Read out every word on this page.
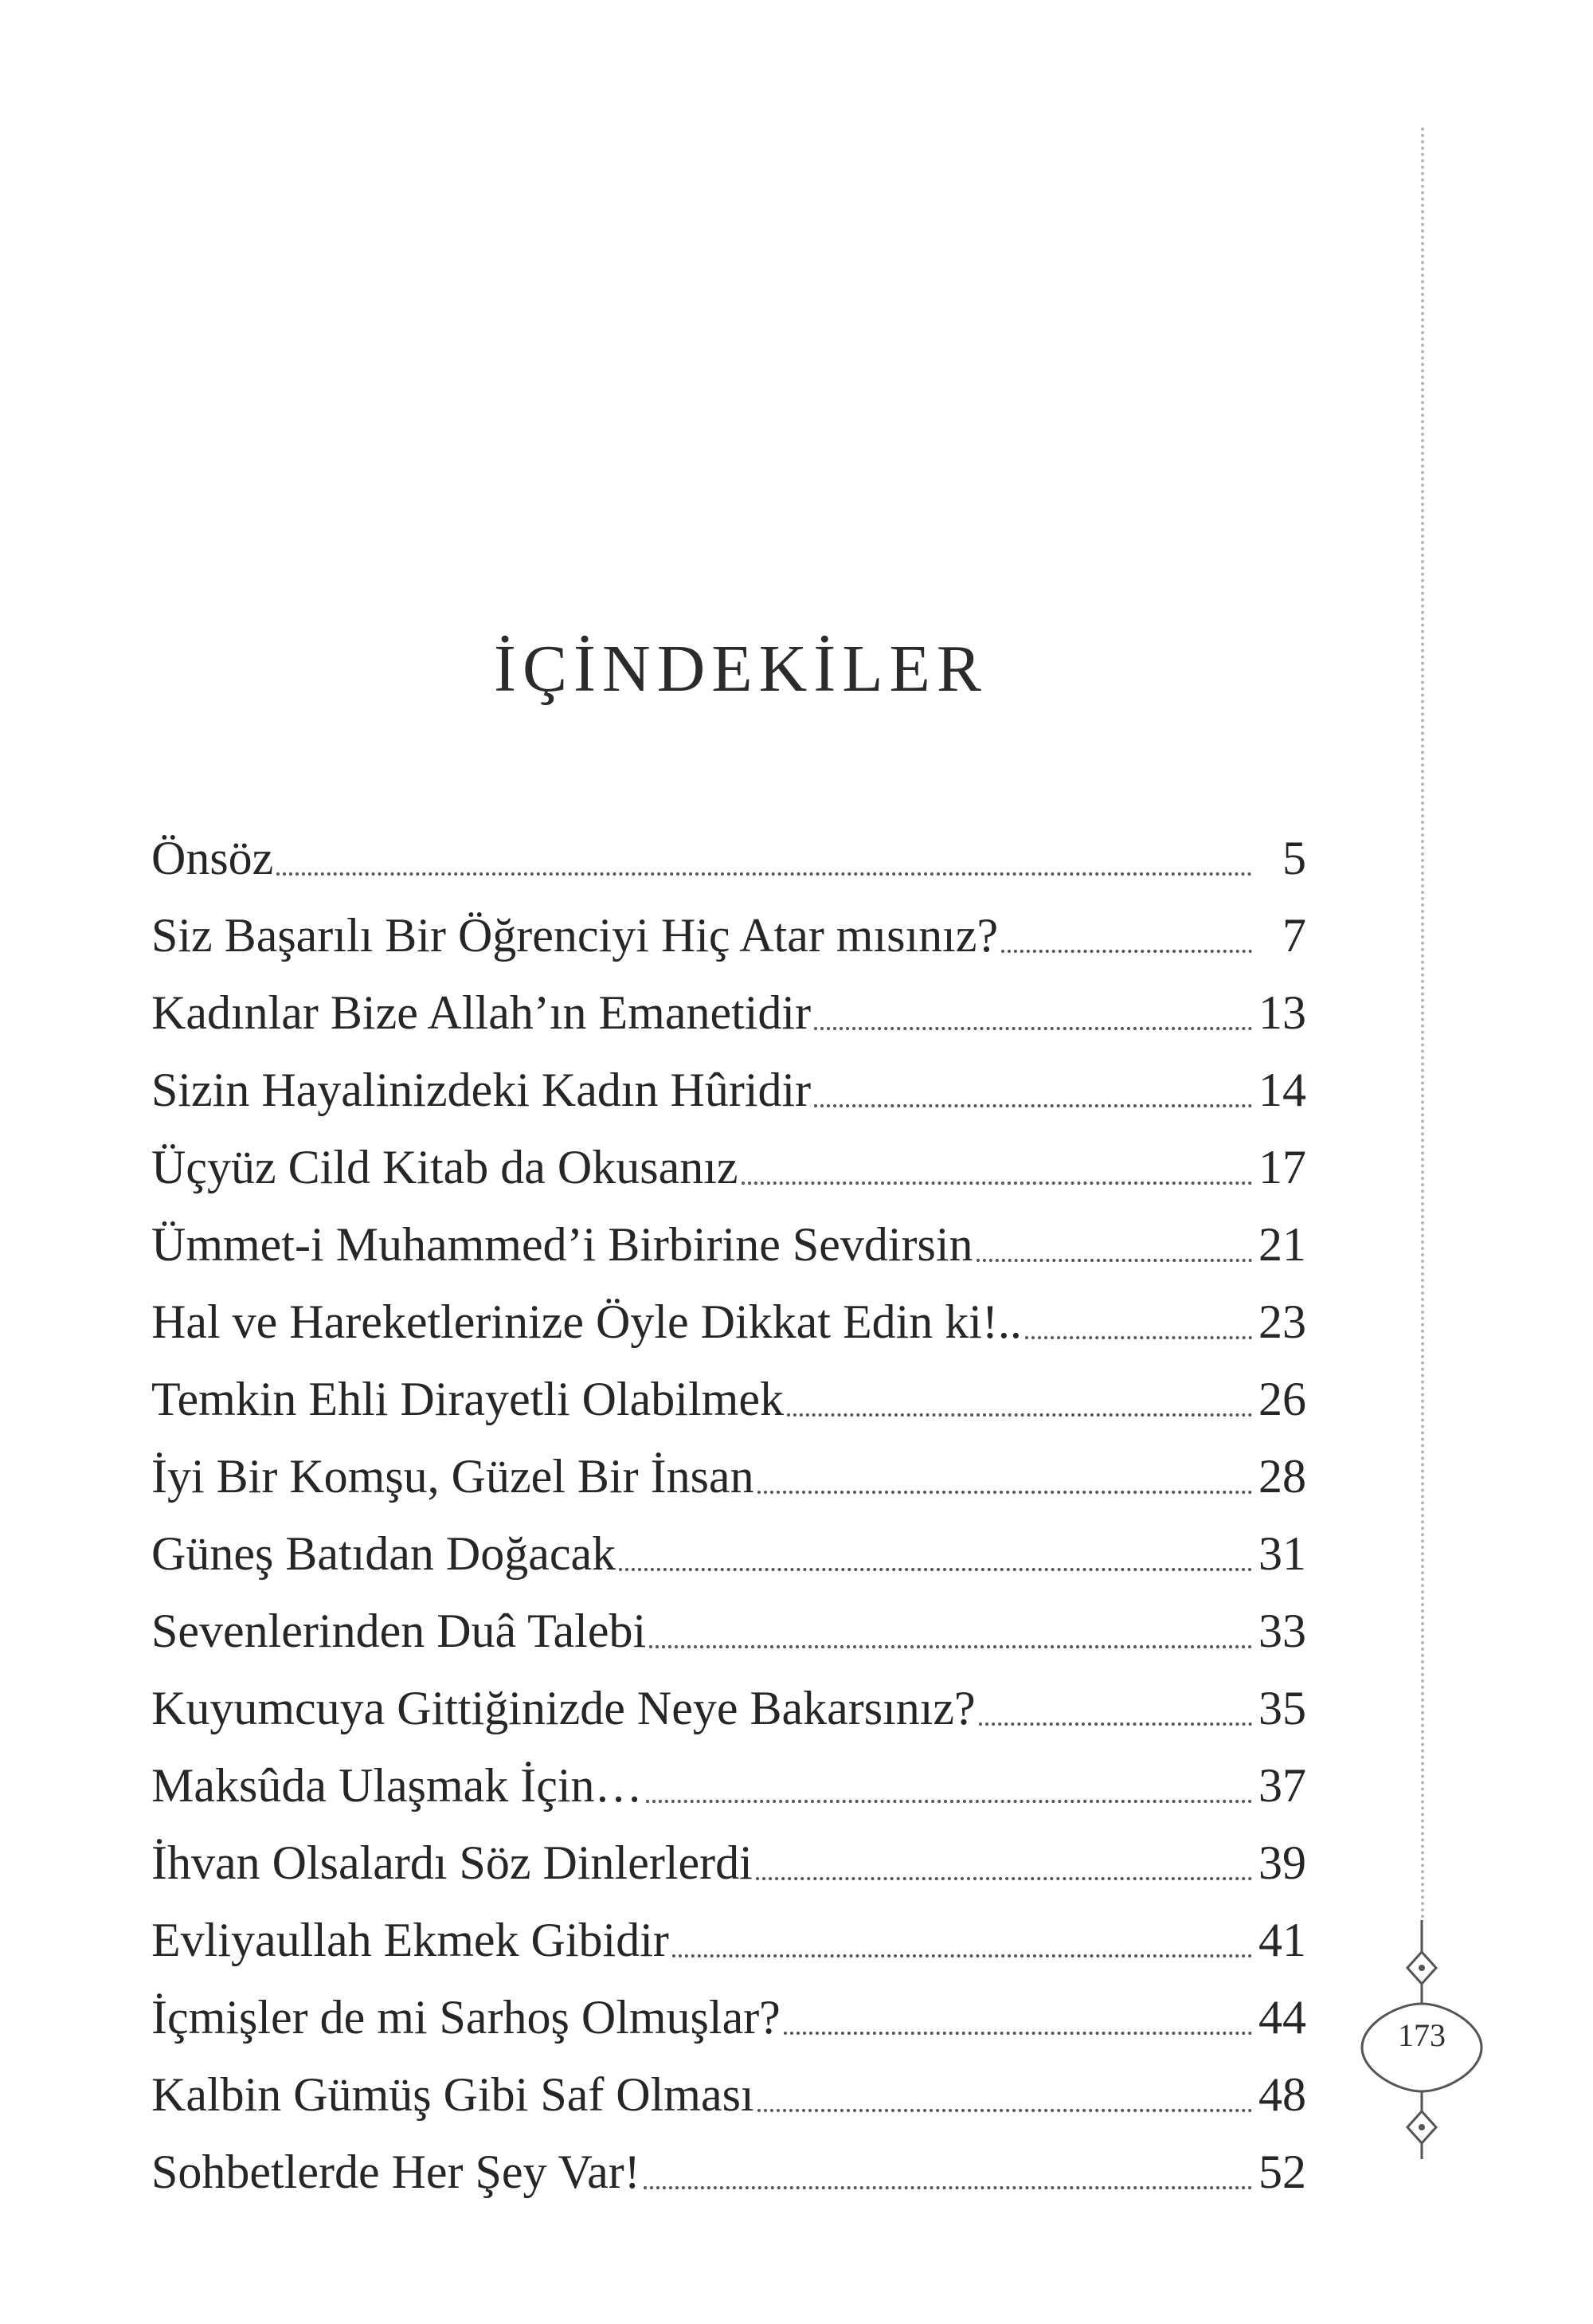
İÇİNDEKİLER
Önsöz	5
Siz Başarılı Bir Öğrenciyi Hiç Atar mısınız?	7
Kadınlar Bize Allah’ın Emanetidir	13
Sizin Hayalinizdeki Kadın Hûridir	14
Üçyüz Cild Kitab da Okusanız	17
Ümmet-i Muhammed’i Birbirine Sevdirsin	21
Hal ve Hareketlerinize Öyle Dikkat Edin ki!..	23
Temkin Ehli Dirayetli Olabilmek	26
İyi Bir Komşu, Güzel Bir İnsan	28
Güneş Batıdan Doğacak	31
Sevenlerinden Duâ Talebi	33
Kuyumcuya Gittiğinizde Neye Bakarsınız?	35
Maksûda Ulaşmak İçin…	37
İhvan Olsalardı Söz Dinlerlerdi	39
Evliyaullah Ekmek Gibidir	41
İçmişler de mi Sarhoş Olmuşlar?	44
Kalbin Gümüş Gibi Saf Olması	48
Sohbetlerde Her Şey Var!	52
173
